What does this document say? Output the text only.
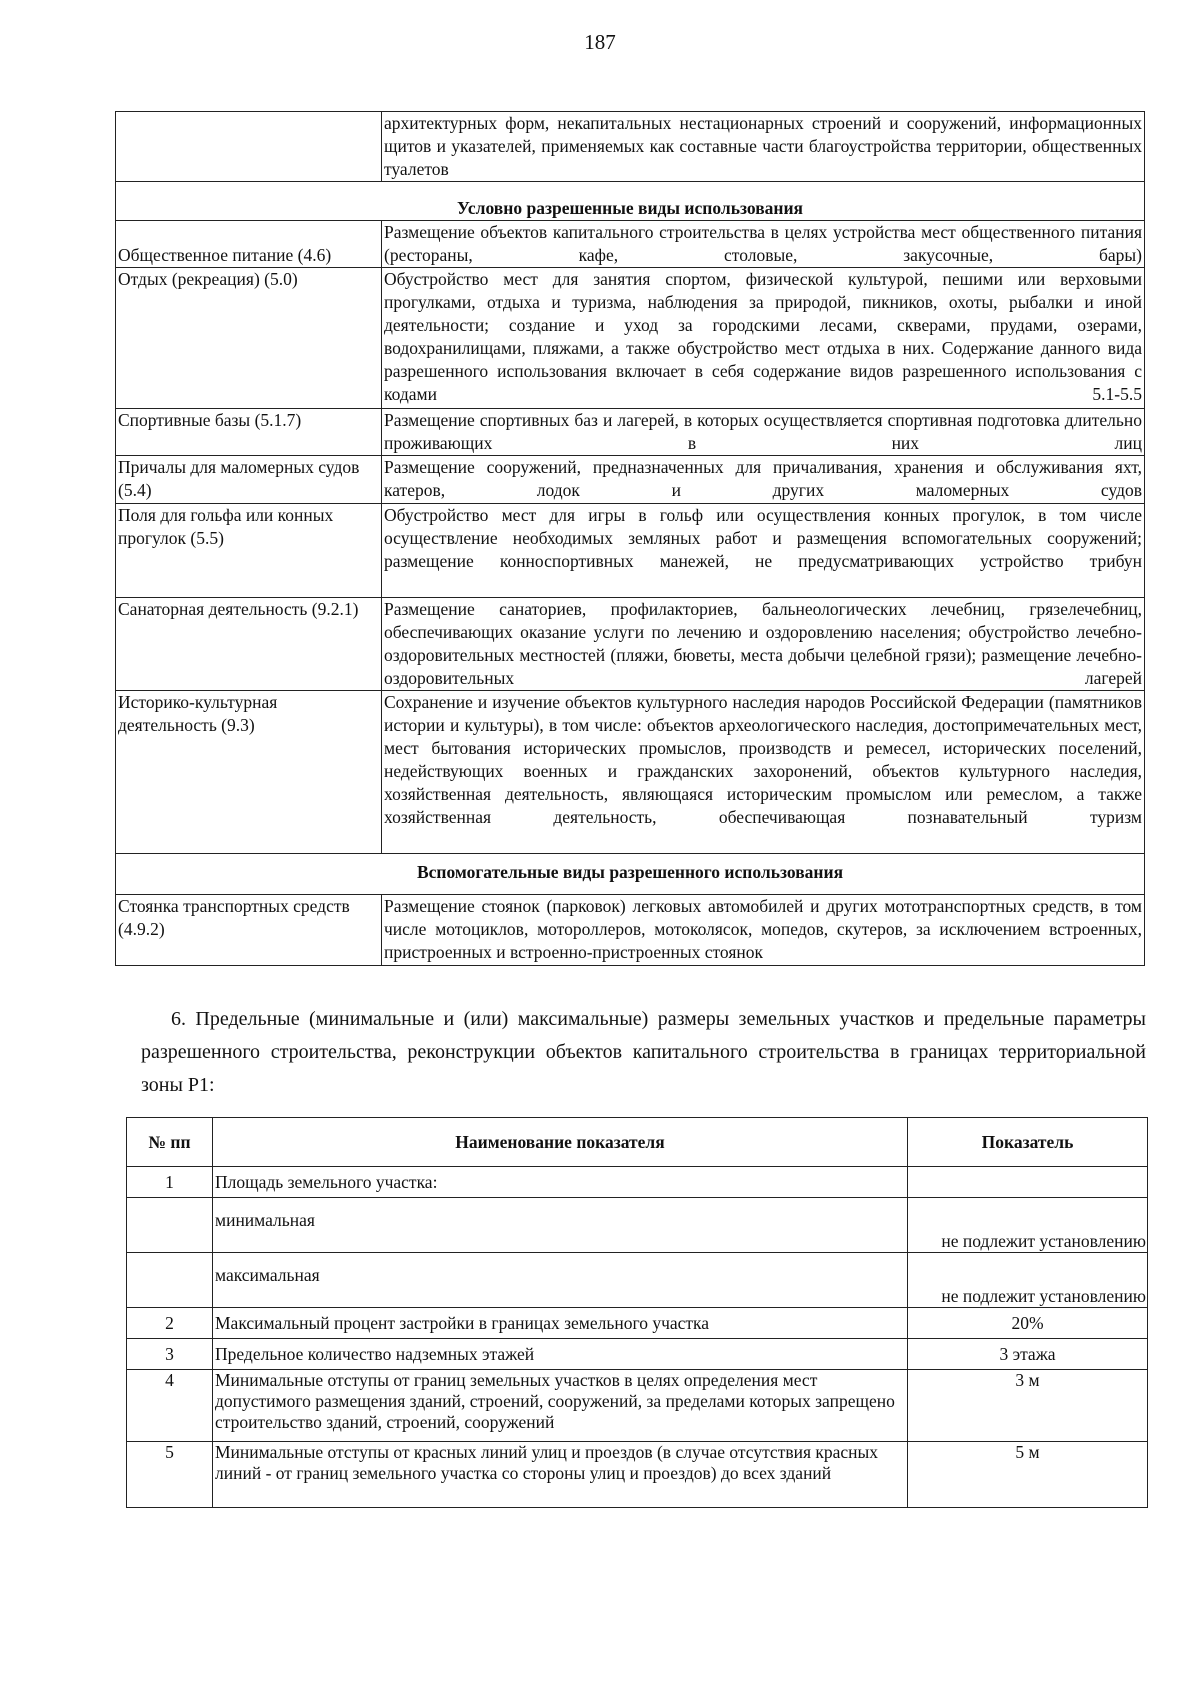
187
	архитектурных форм, некапитальных нестационарных строений и сооружений, информационных щитов и указателей, применяемых как составные части благоустройства территории, общественных туалетов
Условно разрешенные виды использования	
Общественное питание (4.6)	Размещение объектов капитального строительства в целях устройства мест общественного питания (рестораны, кафе, столовые, закусочные, бары)
Отдых (рекреация) (5.0)	Обустройство мест для занятия спортом, физической культурой, пешими или верховыми прогулками, отдыха и туризма, наблюдения за природой, пикников, охоты, рыбалки и иной деятельности; создание и уход за городскими лесами, скверами, прудами, озерами, водохранилищами, пляжами, а также обустройство мест отдыха в них. Содержание данного вида разрешенного использования включает в себя содержание видов разрешенного использования с кодами 5.1-5.5
Спортивные базы (5.1.7)	Размещение спортивных баз и лагерей, в которых осуществляется спортивная подготовка длительно проживающих в них лиц
Причалы для маломерных судов (5.4)	Размещение сооружений, предназначенных для причаливания, хранения и обслуживания яхт, катеров, лодок и других маломерных судов
Поля для гольфа или конных прогулок (5.5)	Обустройство мест для игры в гольф или осуществления конных прогулок, в том числе осуществление необходимых земляных работ и размещения вспомогательных сооружений; размещение конноспортивных манежей, не предусматривающих устройство трибун
Санаторная деятельность (9.2.1)	Размещение санаториев, профилакториев, бальнеологических лечебниц, грязелечебниц, обеспечивающих оказание услуги по лечению и оздоровлению населения; обустройство лечебно-оздоровительных местностей (пляжи, бюветы, места добычи целебной грязи); размещение лечебно-оздоровительных лагерей
Историко-культурная деятельность (9.3)	Сохранение и изучение объектов культурного наследия народов Российской Федерации (памятников истории и культуры), в том числе: объектов археологического наследия, достопримечательных мест, мест бытования исторических промыслов, производств и ремесел, исторических поселений, недействующих военных и гражданских захоронений, объектов культурного наследия, хозяйственная деятельность, являющаяся историческим промыслом или ремеслом, а также хозяйственная деятельность, обеспечивающая познавательный туризм
Вспомогательные виды разрешенного использования	
Стоянка транспортных средств (4.9.2)	Размещение стоянок (парковок) легковых автомобилей и других мототранспортных средств, в том числе мотоциклов, мотороллеров, мотоколясок, мопедов, скутеров, за исключением встроенных, пристроенных и встроенно-пристроенных стоянок

6. Предельные (минимальные и (или) максимальные) размеры земельных участков и предельные параметры разрешенного строительства, реконструкции объектов капитального строительства в границах территориальной зоны Р1:

№ пп	Наименование показателя	Показатель
1	Площадь земельного участка:	
	минимальная	не подлежит установлению
	максимальная	не подлежит установлению
2	Максимальный процент застройки в границах земельного участка	20%
3	Предельное количество надземных этажей	3 этажа
4	Минимальные отступы от границ земельных участков в целях определения мест допустимого размещения зданий, строений, сооружений, за пределами которых запрещено строительство зданий, строений, сооружений	3 м
5	Минимальные отступы от красных линий улиц и проездов (в случае отсутствия красных линий - от границ земельного участка со стороны улиц и проездов) до всех зданий	5 м
